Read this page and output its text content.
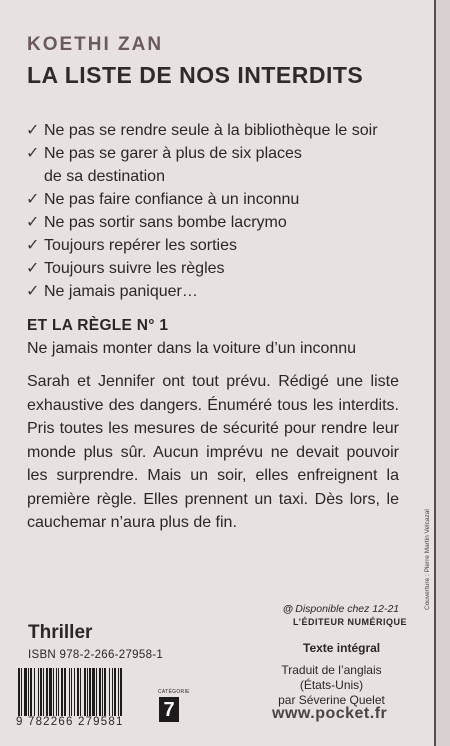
KOETHI ZAN
LA LISTE DE NOS INTERDITS
✓ Ne pas se rendre seule à la bibliothèque le soir
✓ Ne pas se garer à plus de six places
de sa destination
✓ Ne pas faire confiance à un inconnu
✓ Ne pas sortir sans bombe lacrymo
✓ Toujours repérer les sorties
✓ Toujours suivre les règles
✓ Ne jamais paniquer…
ET LA RÈGLE N° 1
Ne jamais monter dans la voiture d’un inconnu

Sarah et Jennifer ont tout prévu. Rédigé une liste exhaustive des dangers. Énuméré tous les interdits. Pris toutes les mesures de sécurité pour rendre leur monde plus sûr. Aucun imprévu ne devait pouvoir les surprendre. Mais un soir, elles enfreignent la première règle. Elles prennent un taxi. Dès lors, le cauchemar n’aura plus de fin.

Thriller
ISBN 978-2-266-27958-1
9 782266 279581
CATÉGORIE
7
@ Disponible chez 12-21
L’ÉDITEUR NUMÉRIQUE
Texte intégral
Traduit de l’anglais (États-Unis)
par Séverine Quelet
www.pocket.fr
Couverture : Pierre Martin Velcazal
